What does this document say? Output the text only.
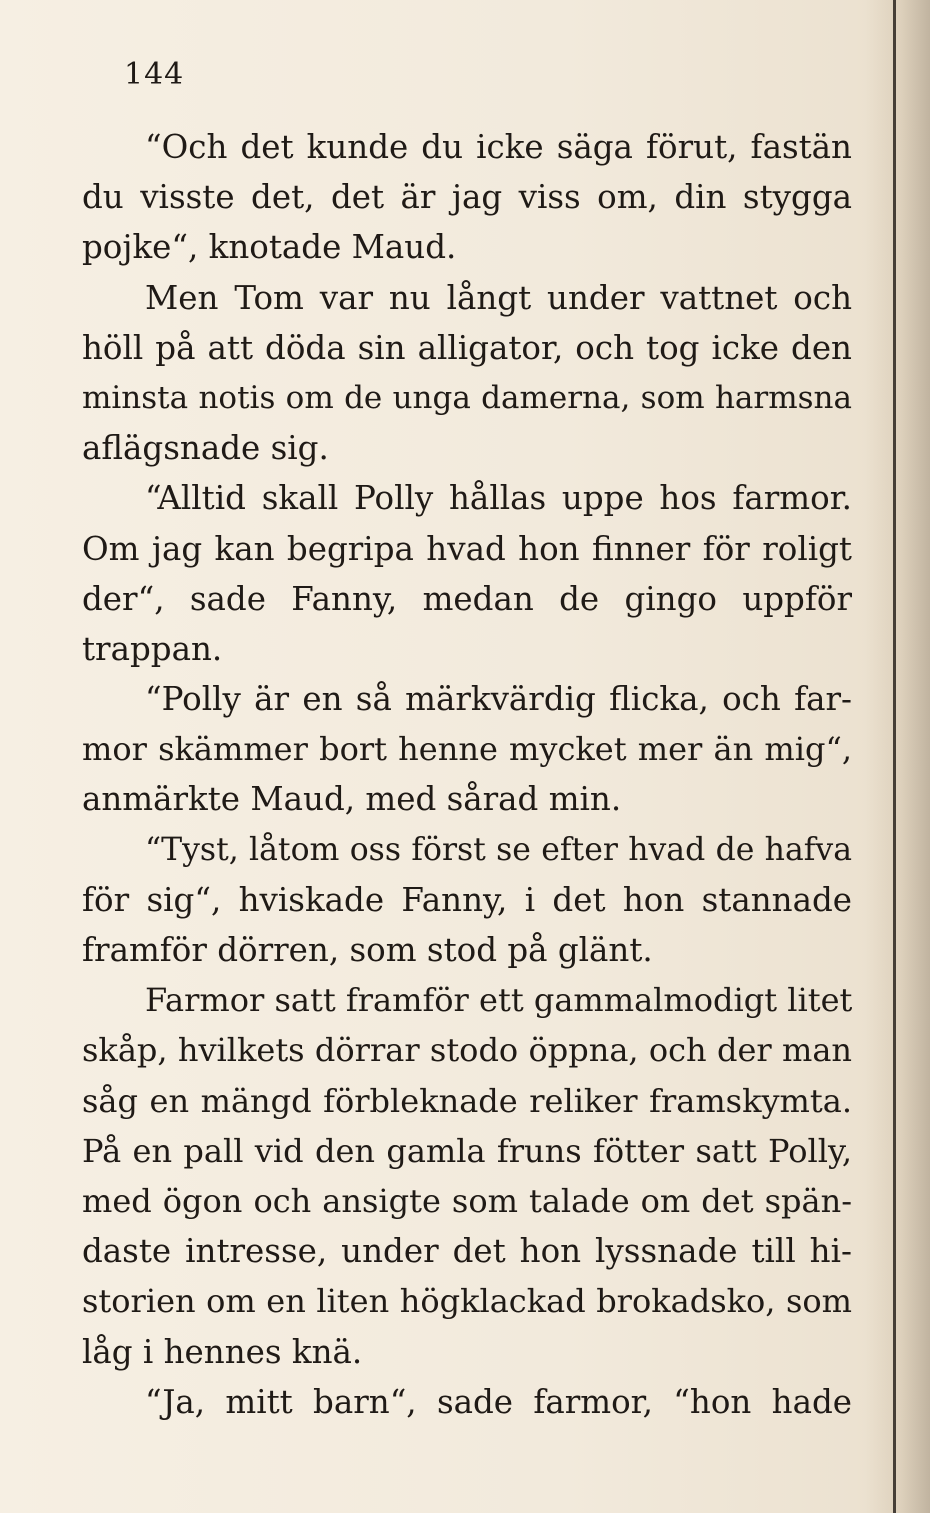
144
“Och det kunde du icke säga förut, fastän
du visste det, det är jag viss om, din stygga
pojke“, knotade Maud.
Men Tom var nu långt under vattnet och
höll på att döda sin alligator, och tog icke den
minsta notis om de unga damerna, som harmsna
aflägsnade sig.
“Alltid skall Polly hållas uppe hos farmor.
Om jag kan begripa hvad hon finner för roligt
der“, sade Fanny, medan de gingo uppför
trappan.
“Polly är en så märkvärdig flicka, och far-
mor skämmer bort henne mycket mer än mig“,
anmärkte Maud, med sårad min.
“Tyst, låtom oss först se efter hvad de hafva
för sig“, hviskade Fanny, i det hon stannade
framför dörren, som stod på glänt.
Farmor satt framför ett gammalmodigt litet
skåp, hvilkets dörrar stodo öppna, och der man
såg en mängd förbleknade reliker framskymta.
På en pall vid den gamla fruns fötter satt Polly,
med ögon och ansigte som talade om det spän-
daste intresse, under det hon lyssnade till hi-
storien om en liten högklackad brokadsko, som
låg i hennes knä.
“Ja, mitt barn“, sade farmor, “hon hade
